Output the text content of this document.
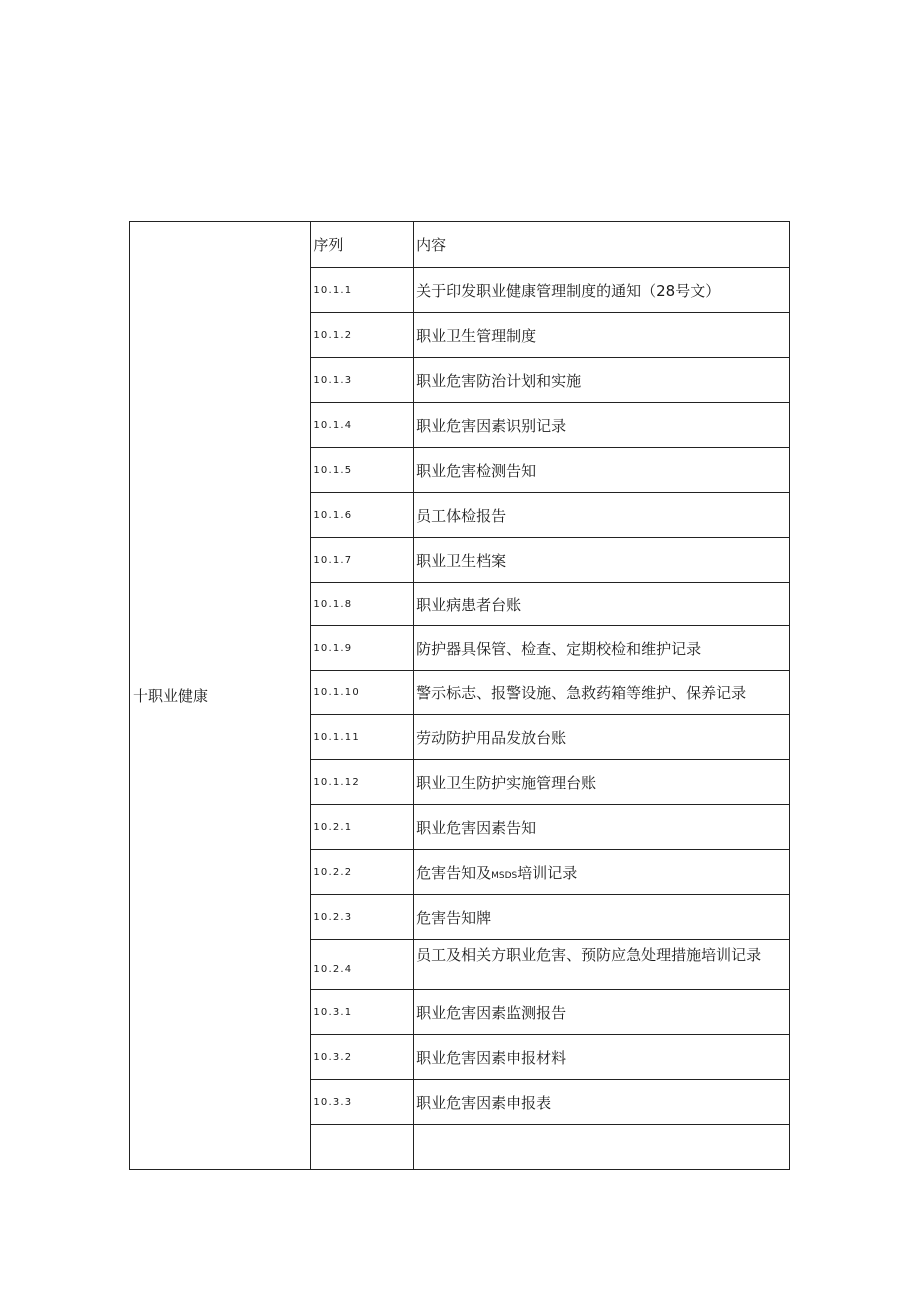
十职业健康	序列	内容
	10.1.1	关于印发职业健康管理制度的通知（28号文）
	10.1.2	职业卫生管理制度
	10.1.3	职业危害防治计划和实施
	10.1.4	职业危害因素识别记录
	10.1.5	职业危害检测告知
	10.1.6	员工体检报告
	10.1.7	职业卫生档案
	10.1.8	职业病患者台账
	10.1.9	防护器具保管、检查、定期校检和维护记录
	10.1.10	警示标志、报警设施、急救药箱等维护、保养记录
	10.1.11	劳动防护用品发放台账
	10.1.12	职业卫生防护实施管理台账
	10.2.1	职业危害因素告知
	10.2.2	危害告知及MSDS培训记录
	10.2.3	危害告知牌
	10.2.4	员工及相关方职业危害、预防应急处理措施培训记录
	10.3.1	职业危害因素监测报告
	10.3.2	职业危害因素申报材料
	10.3.3	职业危害因素申报表
